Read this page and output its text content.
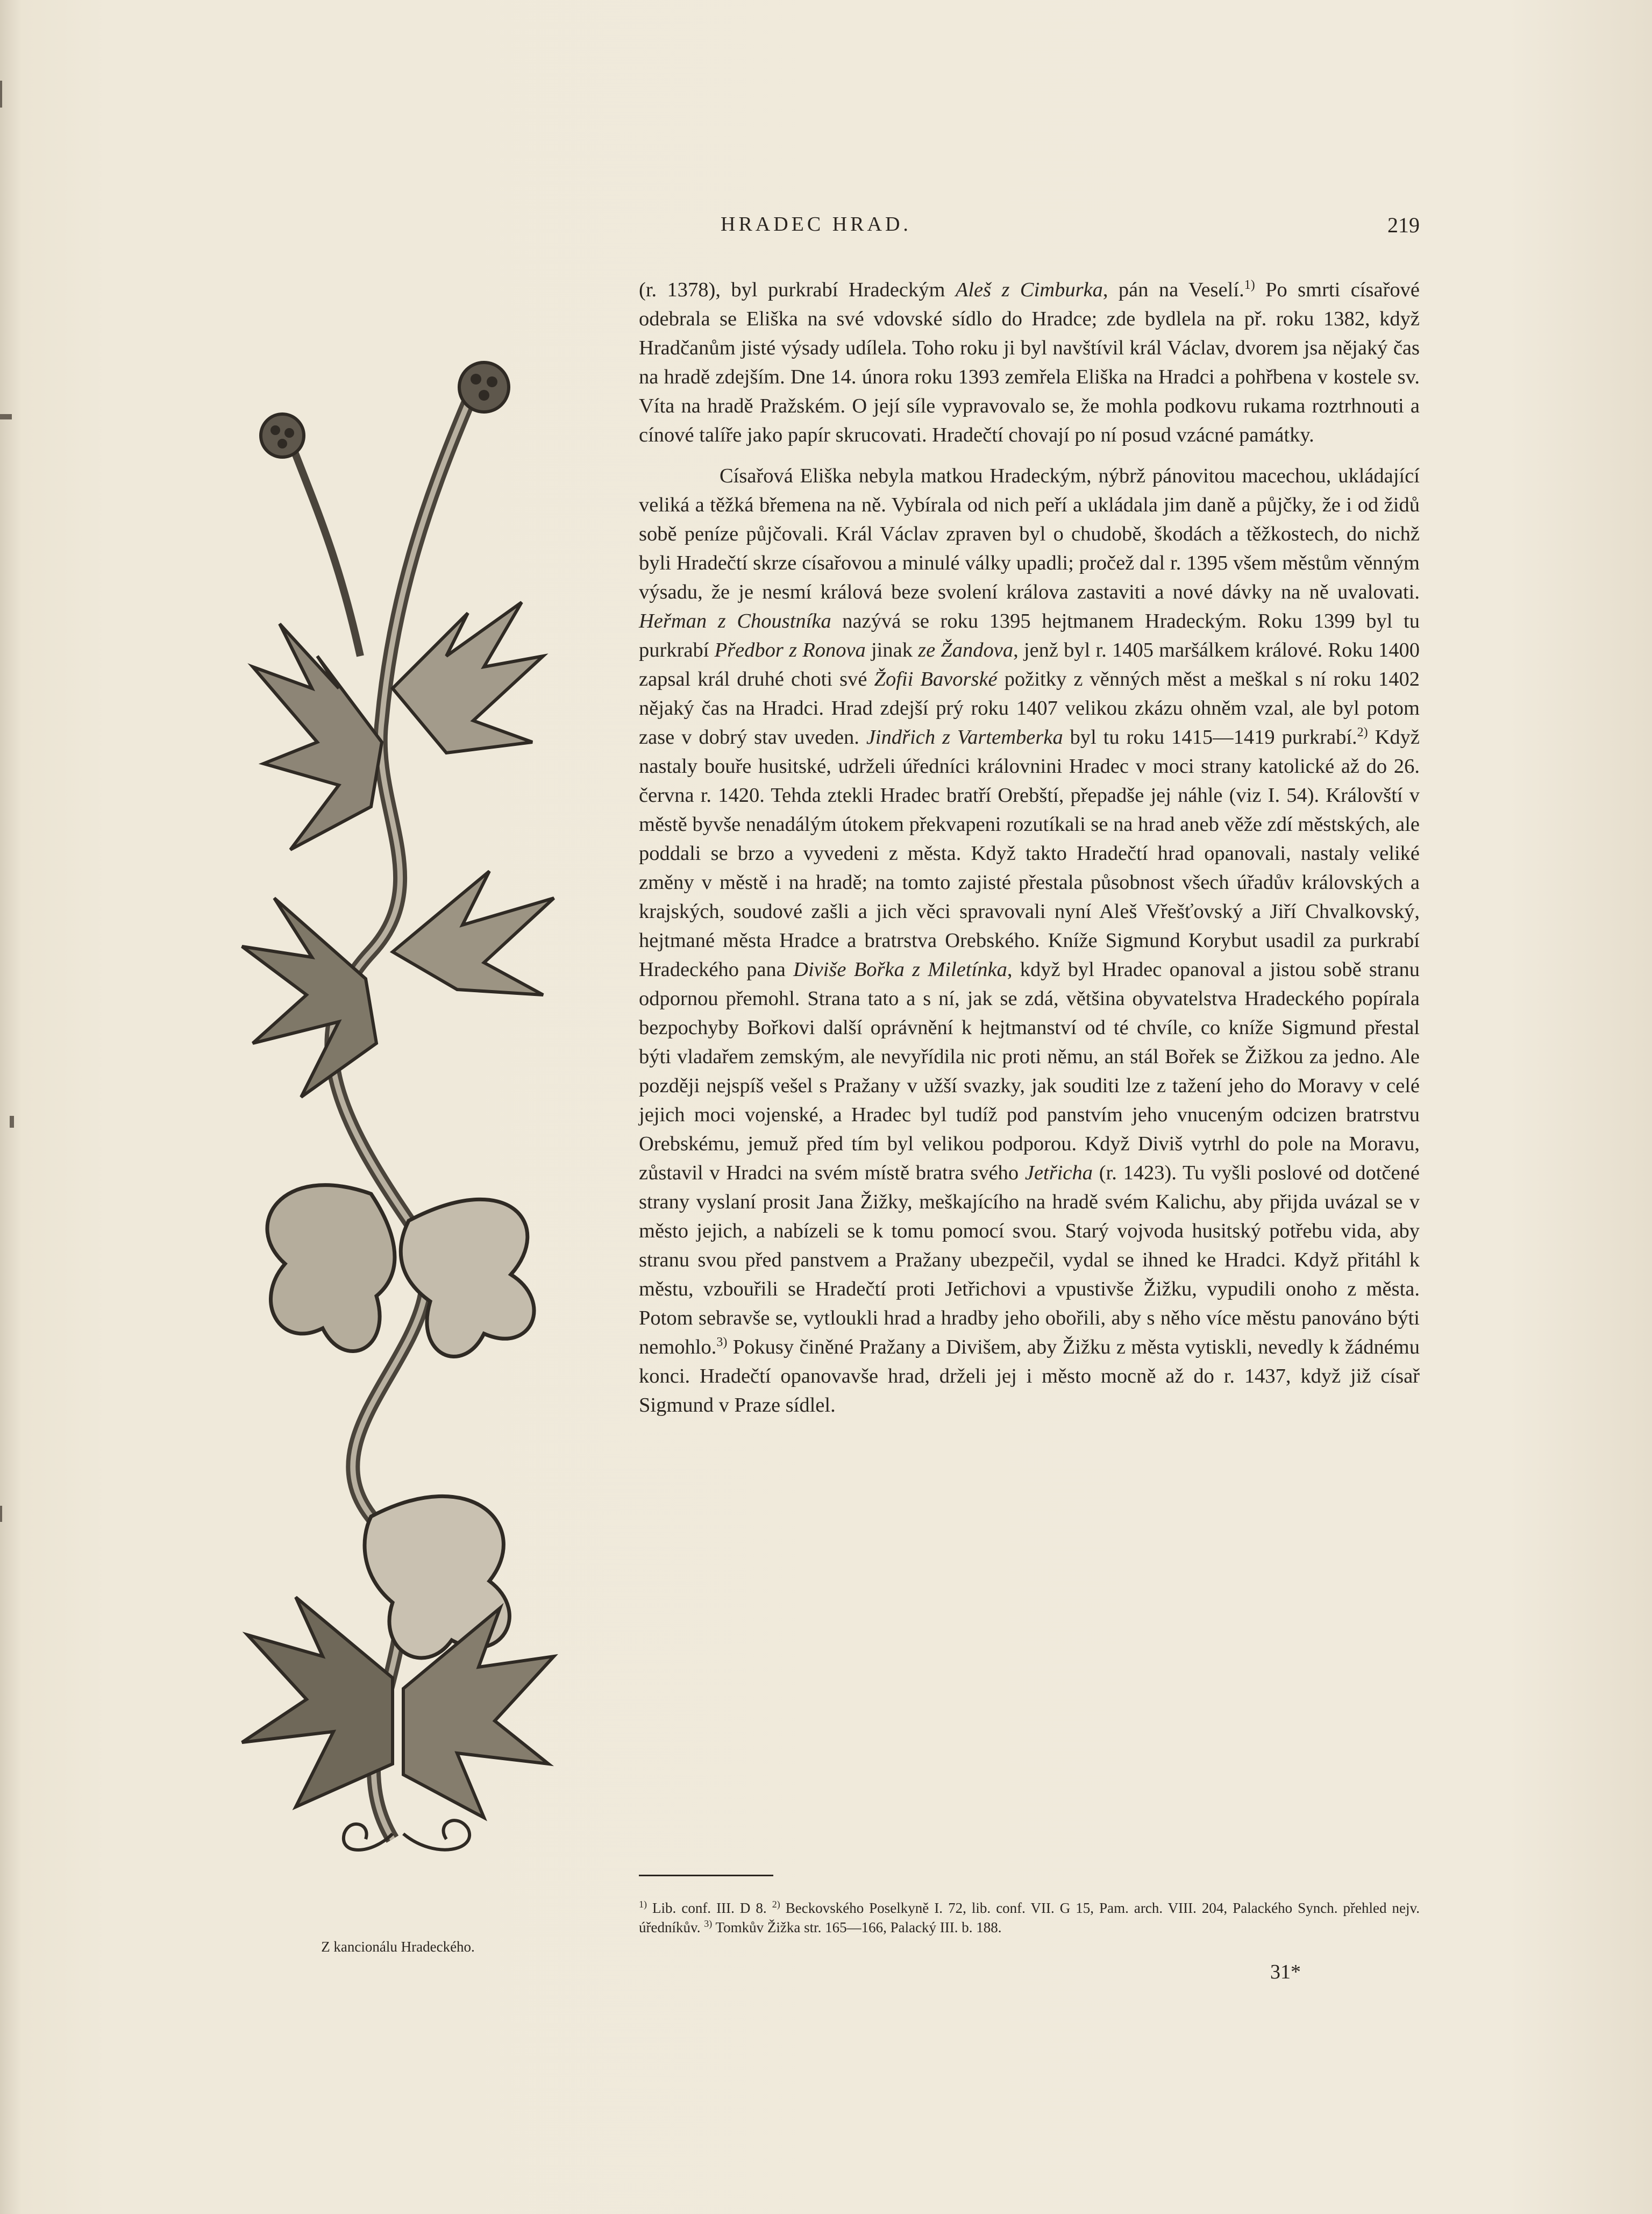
HRADEC HRAD.	219
Z kancionálu Hradeckého.

(r. 1378), byl purkrabí Hradeckým Aleš z Cimburka, pán na Veselí.$^{1)}$ Po smrti císařové odebrala se Eliška na své vdovské sídlo do Hradce; zde bydlela na př. roku 1382, když Hradčanům jisté výsady udílela. Toho roku ji byl navštívil král Václav, dvorem jsa nějaký čas na hradě zdejším. Dne 14. února roku 1393 zemřela Eliška na Hradci a pohřbena v kostele sv. Víta na hradě Pražském. O její síle vypravovalo se, že mohla podkovu rukama roztrhnouti a cínové talíře jako papír skrucovati. Hradečtí chovají po ní posud vzácné památky.

Císařová Eliška nebyla matkou Hradeckým, nýbrž pánovitou macechou, ukládající veliká a těžká břemena na ně. Vybírala od nich peří a ukládala jim daně a půjčky, že i od židů sobě peníze půjčovali. Král Václav zpraven byl o chudobě, škodách a těžkostech, do nichž byli Hradečtí skrze císařovou a minulé války upadli; pročež dal r. 1395 všem městům věnným výsadu, že je nesmí králová beze svolení králova zastaviti a nové dávky na ně uvalovati. Heřman z Choustníka nazývá se roku 1395 hejtmanem Hradeckým. Roku 1399 byl tu purkrabí Předbor z Ronova jinak ze Žandova, jenž byl r. 1405 maršálkem králové. Roku 1400 zapsal král druhé choti své Žofii Bavorské požitky z věnných měst a meškal s ní roku 1402 nějaký čas na Hradci. Hrad zdejší prý roku 1407 velikou zkázu ohněm vzal, ale byl potom zase v dobrý stav uveden. Jindřich z Vartemberka byl tu roku 1415—1419 purkrabí.$^{2)}$ Když nastaly bouře husitské, udrželi úředníci královnini Hradec v moci strany katolické až do 26. června r. 1420. Tehda ztekli Hradec bratří Orebští, přepadše jej náhle (viz I. 54). Královští v městě byvše nenadálým útokem překvapeni rozutíkali se na hrad aneb věže zdí městských, ale poddali se brzo a vyvedeni z města. Když takto Hradečtí hrad opanovali, nastaly veliké změny v městě i na hradě; na tomto zajisté přestala působnost všech úřadův královských a krajských, soudové zašli a jich věci spravovali nyní Aleš Vřešťovský a Jiří Chvalkovský, hejtmané města Hradce a bratrstva Orebského. Kníže Sigmund Korybut usadil za purkrabí Hradeckého pana Diviše Bořka z Miletínka, když byl Hradec opanoval a jistou sobě stranu odpornou přemohl. Strana tato a s ní, jak se zdá, většina obyvatelstva Hradeckého popírala bezpochyby Bořkovi další oprávnění k hejtmanství od té chvíle, co kníže Sigmund přestal býti vladařem zemským, ale nevyřídila nic proti němu, an stál Bořek se Žižkou za jedno. Ale později nejspíš vešel s Pražany v užší svazky, jak souditi lze z tažení jeho do Moravy v celé jejich moci vojenské, a Hradec byl tudíž pod panstvím jeho vnuceným odcizen bratrstvu Orebskému, jemuž před tím byl velikou podporou. Když Diviš vytrhl do pole na Moravu, zůstavil v Hradci na svém místě bratra svého Jetřicha (r. 1423). Tu vyšli poslové od dotčené strany vyslaní prosit Jana Žižky, meškajícího na hradě svém Kalichu, aby přijda uvázal se v město jejich, a nabízeli se k tomu pomocí svou. Starý vojvoda husitský potřebu vida, aby stranu svou před panstvem a Pražany ubezpečil, vydal se ihned ke Hradci. Když přitáhl k městu, vzbouřili se Hradečtí proti Jetřichovi a vpustivše Žižku, vypudili onoho z města. Potom sebravše se, vytloukli hrad a hradby jeho obořili, aby s něho více městu panováno býti nemohlo.$^{3)}$ Pokusy činěné Pražany a Divišem, aby Žižku z města vytiskli, nevedly k žádnému konci. Hradečtí opanovavše hrad, drželi jej i město mocně až do r. 1437, když již císař Sigmund v Praze sídlel.

$^{1)}$ Lib. conf. III. D 8. $^{2)}$ Beckovského Poselkyně I. 72, lib. conf. VII. G 15, Pam. arch. VIII. 204, Palackého Synch. přehled nejv. úředníkův. $^{3)}$ Tomkův Žižka str. 165—166, Palacký III. b. 188.

31*
